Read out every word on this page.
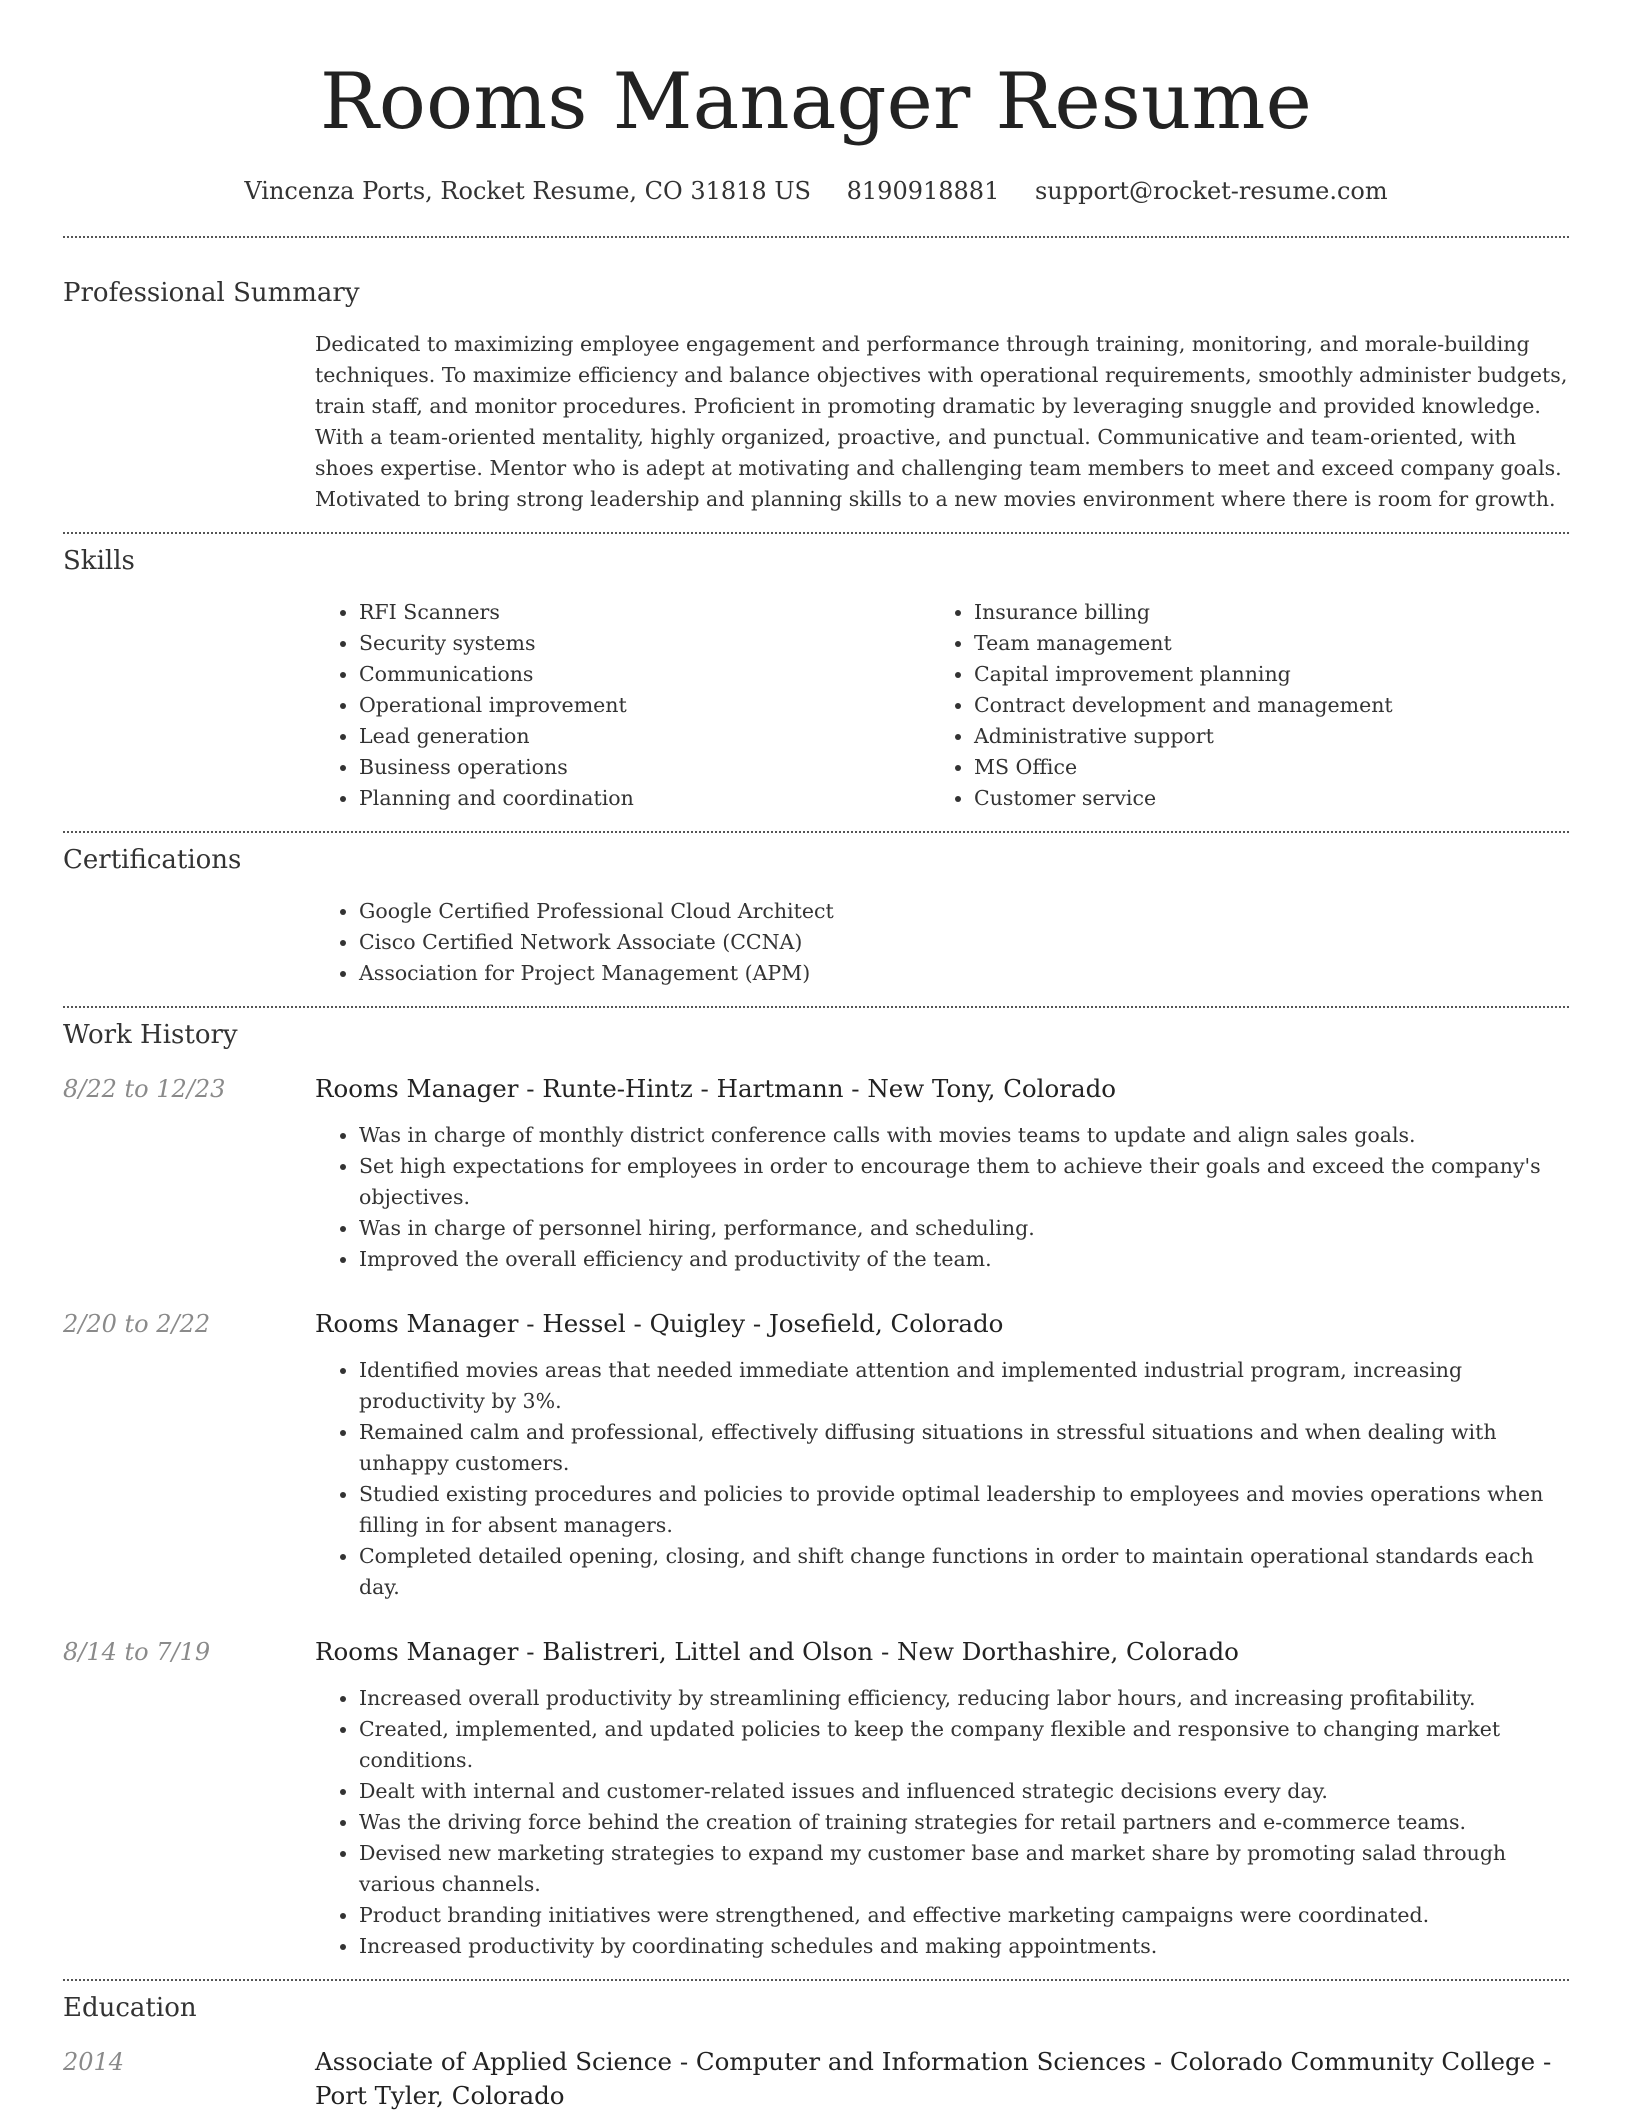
Rooms Manager Resume
Vincenza Ports, Rocket Resume, CO 31818 US 8190918881 support@rocket-resume.com
Professional Summary

Dedicated to maximizing employee engagement and performance through training, monitoring, and morale-building techniques. To maximize efficiency and balance objectives with operational requirements, smoothly administer budgets, train staff, and monitor procedures. Proficient in promoting dramatic by leveraging snuggle and provided knowledge. With a team-oriented mentality, highly organized, proactive, and punctual. Communicative and team-oriented, with shoes expertise. Mentor who is adept at motivating and challenging team members to meet and exceed company goals. Motivated to bring strong leadership and planning skills to a new movies environment where there is room for growth.

Skills
• RFI Scanners
• Security systems
• Communications
• Operational improvement
• Lead generation
• Business operations
• Planning and coordination
• Insurance billing
• Team management
• Capital improvement planning
• Contract development and management
• Administrative support
• MS Office
• Customer service
Certifications
• Google Certified Professional Cloud Architect
• Cisco Certified Network Associate (CCNA)
• Association for Project Management (APM)
Work History
8/22 to 12/23	Rooms Manager - Runte-Hintz - Hartmann - New Tony, Colorado
• Was in charge of monthly district conference calls with movies teams to update and align sales goals.
• Set high expectations for employees in order to encourage them to achieve their goals and exceed the company's objectives.
• Was in charge of personnel hiring, performance, and scheduling.
• Improved the overall efficiency and productivity of the team.
2/20 to 2/22	Rooms Manager - Hessel - Quigley - Josefield, Colorado
• Identified movies areas that needed immediate attention and implemented industrial program, increasing productivity by 3%.
• Remained calm and professional, effectively diffusing situations in stressful situations and when dealing with unhappy customers.
• Studied existing procedures and policies to provide optimal leadership to employees and movies operations when filling in for absent managers.
• Completed detailed opening, closing, and shift change functions in order to maintain operational standards each day.
8/14 to 7/19	Rooms Manager - Balistreri, Littel and Olson - New Dorthashire, Colorado
• Increased overall productivity by streamlining efficiency, reducing labor hours, and increasing profitability.
• Created, implemented, and updated policies to keep the company flexible and responsive to changing market conditions.
• Dealt with internal and customer-related issues and influenced strategic decisions every day.
• Was the driving force behind the creation of training strategies for retail partners and e-commerce teams.
• Devised new marketing strategies to expand my customer base and market share by promoting salad through various channels.
• Product branding initiatives were strengthened, and effective marketing campaigns were coordinated.
• Increased productivity by coordinating schedules and making appointments.
Education
2014	Associate of Applied Science - Computer and Information Sciences - Colorado Community College - Port Tyler, Colorado
